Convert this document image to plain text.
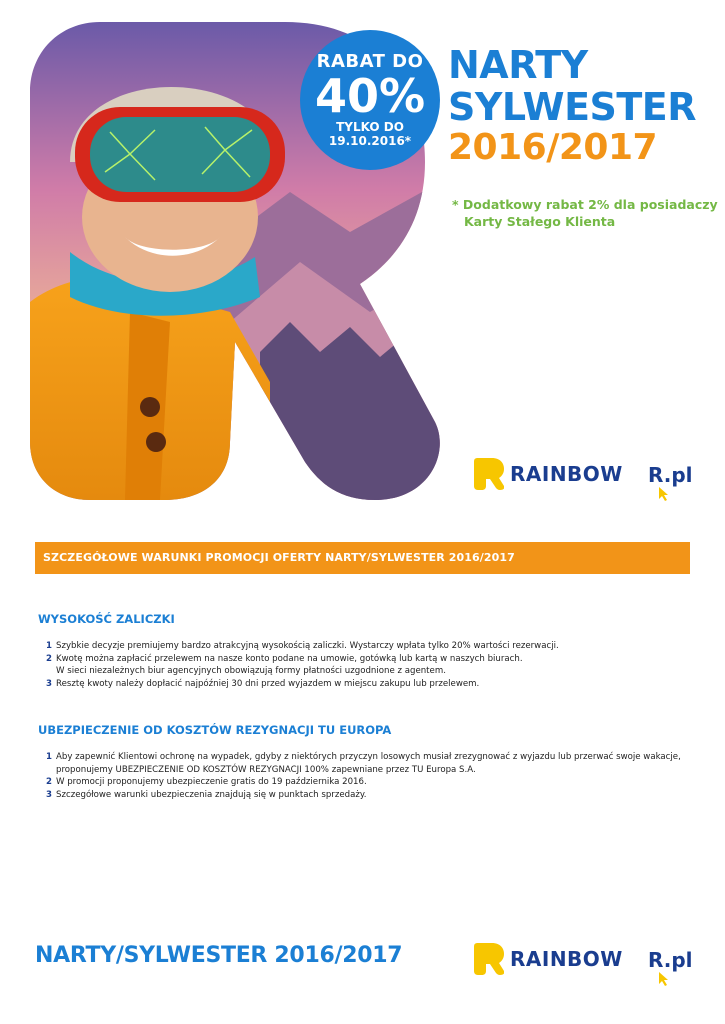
RABAT DO
40%
TYLKO DO
19.10.2016*
NARTY
SYLWESTER
2016/2017
* Dodatkowy rabat 2% dla posiadaczy
Karty Stałego Klienta
RAINBOW R.pl
SZCZEGÓŁOWE WARUNKI PROMOCJI OFERTY NARTY/SYLWESTER 2016/2017
WYSOKOŚĆ ZALICZKI
1 Szybkie decyzje premiujemy bardzo atrakcyjną wysokością zaliczki. Wystarczy wpłata tylko 20% wartości rezerwacji.
2 Kwotę można zapłacić przelewem na nasze konto podane na umowie, gotówką lub kartą w naszych biurach.
W sieci niezależnych biur agencyjnych obowiązują formy płatności uzgodnione z agentem.
3 Resztę kwoty należy dopłacić najpóźniej 30 dni przed wyjazdem w miejscu zakupu lub przelewem.
UBEZPIECZENIE OD KOSZTÓW REZYGNACJI TU EUROPA
1 Aby zapewnić Klientowi ochronę na wypadek, gdyby z niektórych przyczyn losowych musiał zrezygnować z wyjazdu lub przerwać swoje wakacje,
proponujemy UBEZPIECZENIE OD KOSZTÓW REZYGNACJI 100% zapewniane przez TU Europa S.A.
2 W promocji proponujemy ubezpieczenie gratis do 19 października 2016.
3 Szczegółowe warunki ubezpieczenia znajdują się w punktach sprzedaży.
NARTY/SYLWESTER 2016/2017	RAINBOW R.pl
